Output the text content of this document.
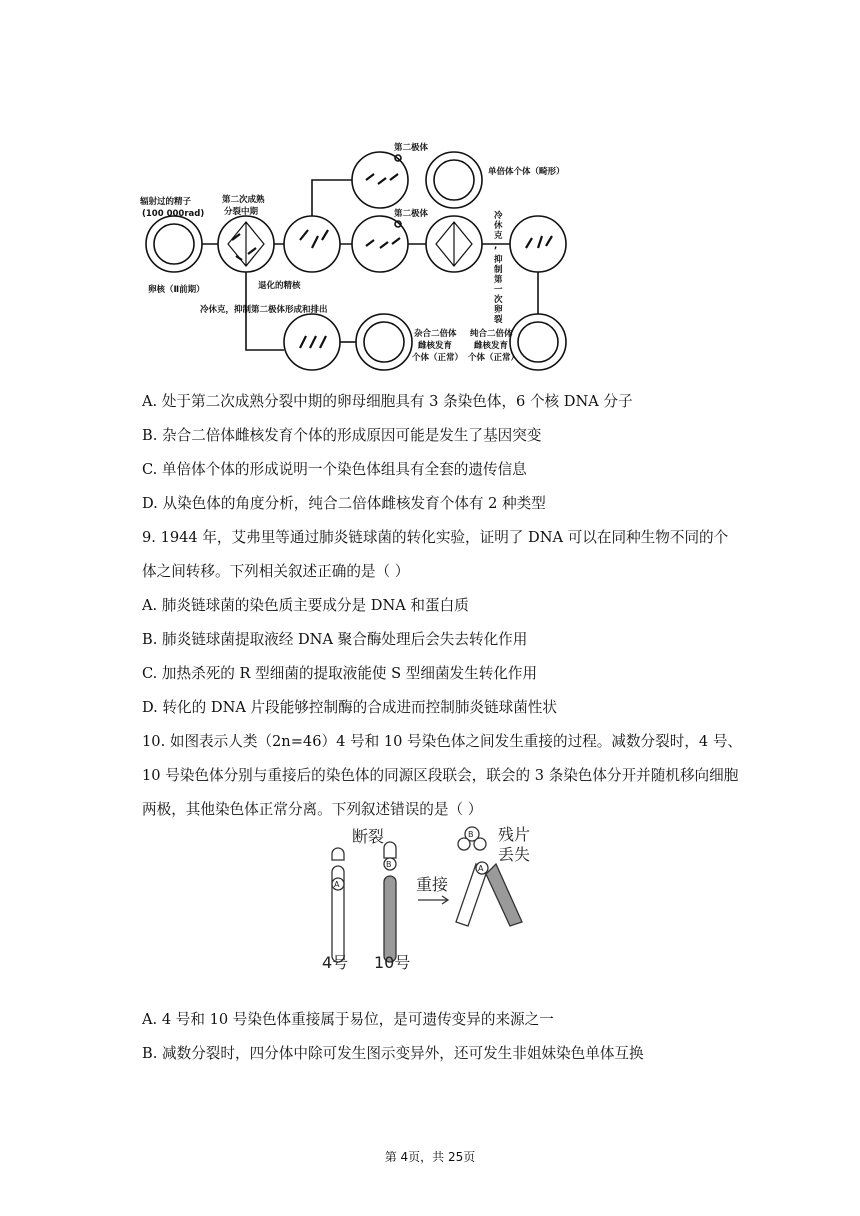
辐射过的精子
(100 000rad)
卵核（Ⅱ前期）
第二次成熟
分裂中期
退化的精核
第二极体
第二极体
单倍体个体（畸形）
冷休克，抑制第二极体形成和排出
杂合二倍体
雌核发育
个体（正常）
纯合二倍体
雌核发育
个体（正常）
冷
休
克
,
抑
制
第
一
次
卵
裂
A. 处于第二次成熟分裂中期的卵母细胞具有 3 条染色体，6 个核 DNA 分子
B. 杂合二倍体雌核发育个体的形成原因可能是发生了基因突变
C. 单倍体个体的形成说明一个染色体组具有全套的遗传信息
D. 从染色体的角度分析，纯合二倍体雌核发育个体有 2 种类型
9. 1944 年，艾弗里等通过肺炎链球菌的转化实验，证明了 DNA 可以在同种生物不同的个
体之间转移。下列相关叙述正确的是（ ）
A. 肺炎链球菌的染色质主要成分是 DNA 和蛋白质
B. 肺炎链球菌提取液经 DNA 聚合酶处理后会失去转化作用
C. 加热杀死的 R 型细菌的提取液能使 S 型细菌发生转化作用
D. 转化的 DNA 片段能够控制酶的合成进而控制肺炎链球菌性状
10. 如图表示人类（2n=46）4 号和 10 号染色体之间发生重接的过程。减数分裂时，4 号、
10 号染色体分别与重接后的染色体的同源区段联会，联会的 3 条染色体分开并随机移向细胞
两极，其他染色体正常分离。下列叙述错误的是（ ）
断裂
重接
残片
丢失
A
B
B
A
4号 10号
A. 4 号和 10 号染色体重接属于易位，是可遗传变异的来源之一
B. 减数分裂时，四分体中除可发生图示变异外，还可发生非姐妹染色单体互换
第 4页，共 25页
